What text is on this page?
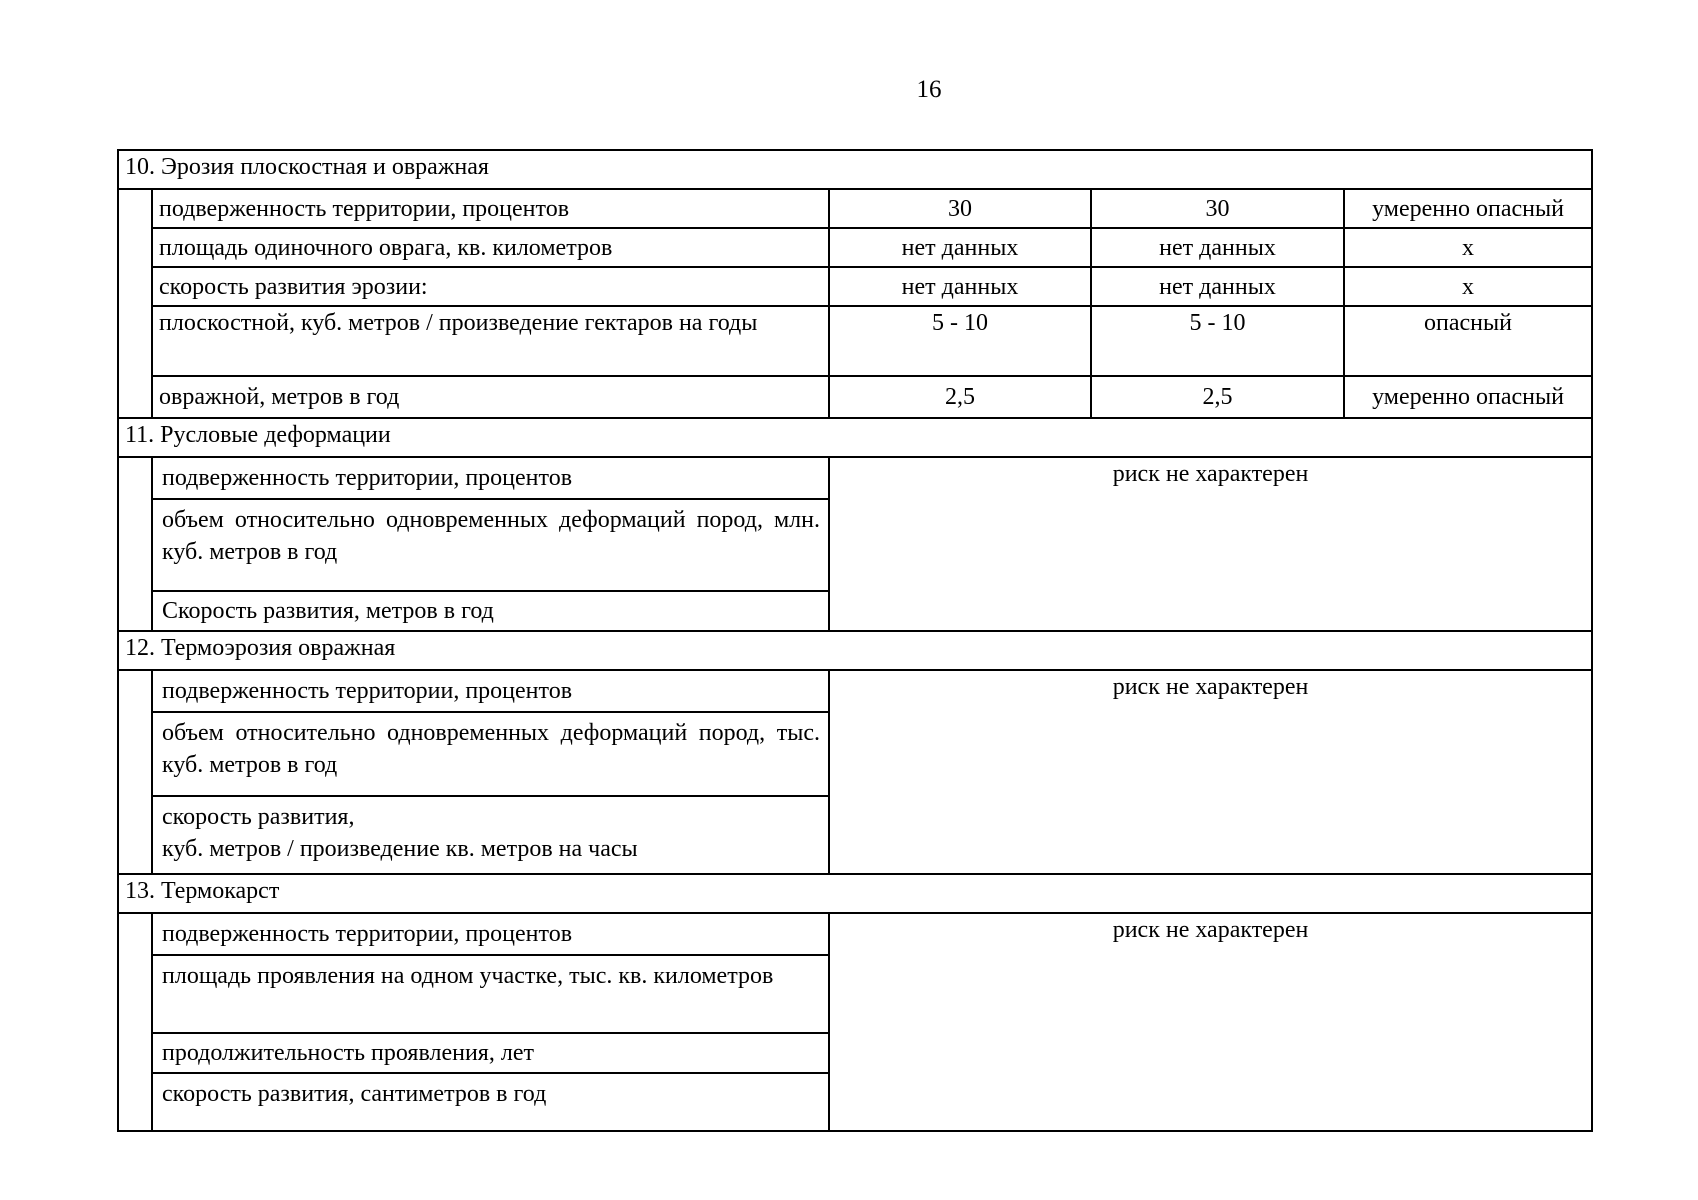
16
10. Эрозия плоскостная и овражная				
	подверженность территории, процентов	30	30	умеренно опасный
	площадь одиночного оврага, кв. километров	нет данных	нет данных	x
	скорость развития эрозии:	нет данных	нет данных	x
	плоскостной, куб. метров / произведение гектаров на годы	5 - 10	5 - 10	опасный
	овражной, метров в год	2,5	2,5	умеренно опасный
11. Русловые деформации				
	подверженность территории, процентов	риск не характерен		
	объем относительно одновременных деформаций пород, млн. куб. метров в год			
	Скорость развития, метров в год			
12. Термоэрозия овражная				
	подверженность территории, процентов	риск не характерен		
	объем относительно одновременных деформаций пород, тыс. куб. метров в год			

	скорость развития,
куб. метров / произведение кв. метров на часы			

13. Термокарст				
	подверженность территории, процентов	риск не характерен		
	площадь проявления на одном участке, тыс. кв. километров			
	продолжительность проявления, лет			
	скорость развития, сантиметров в год			
